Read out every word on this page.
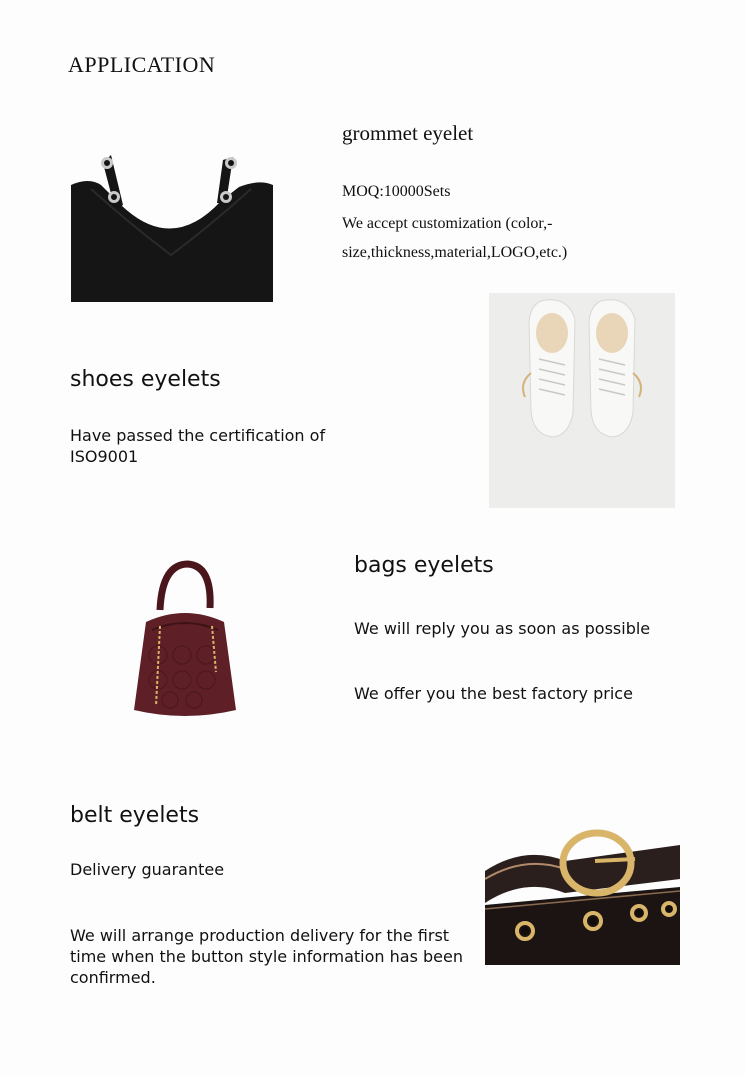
APPLICATION
grommet eyelet
MOQ:10000Sets
We accept customization (color,-size,thickness,material,LOGO,etc.)
shoes eyelets
Have passed the certification of ISO9001
bags eyelets
We will reply you as soon as possible
We offer you the best factory price
belt eyelets
Delivery guarantee
We will arrange production delivery for the first time when the button style information has been confirmed.
